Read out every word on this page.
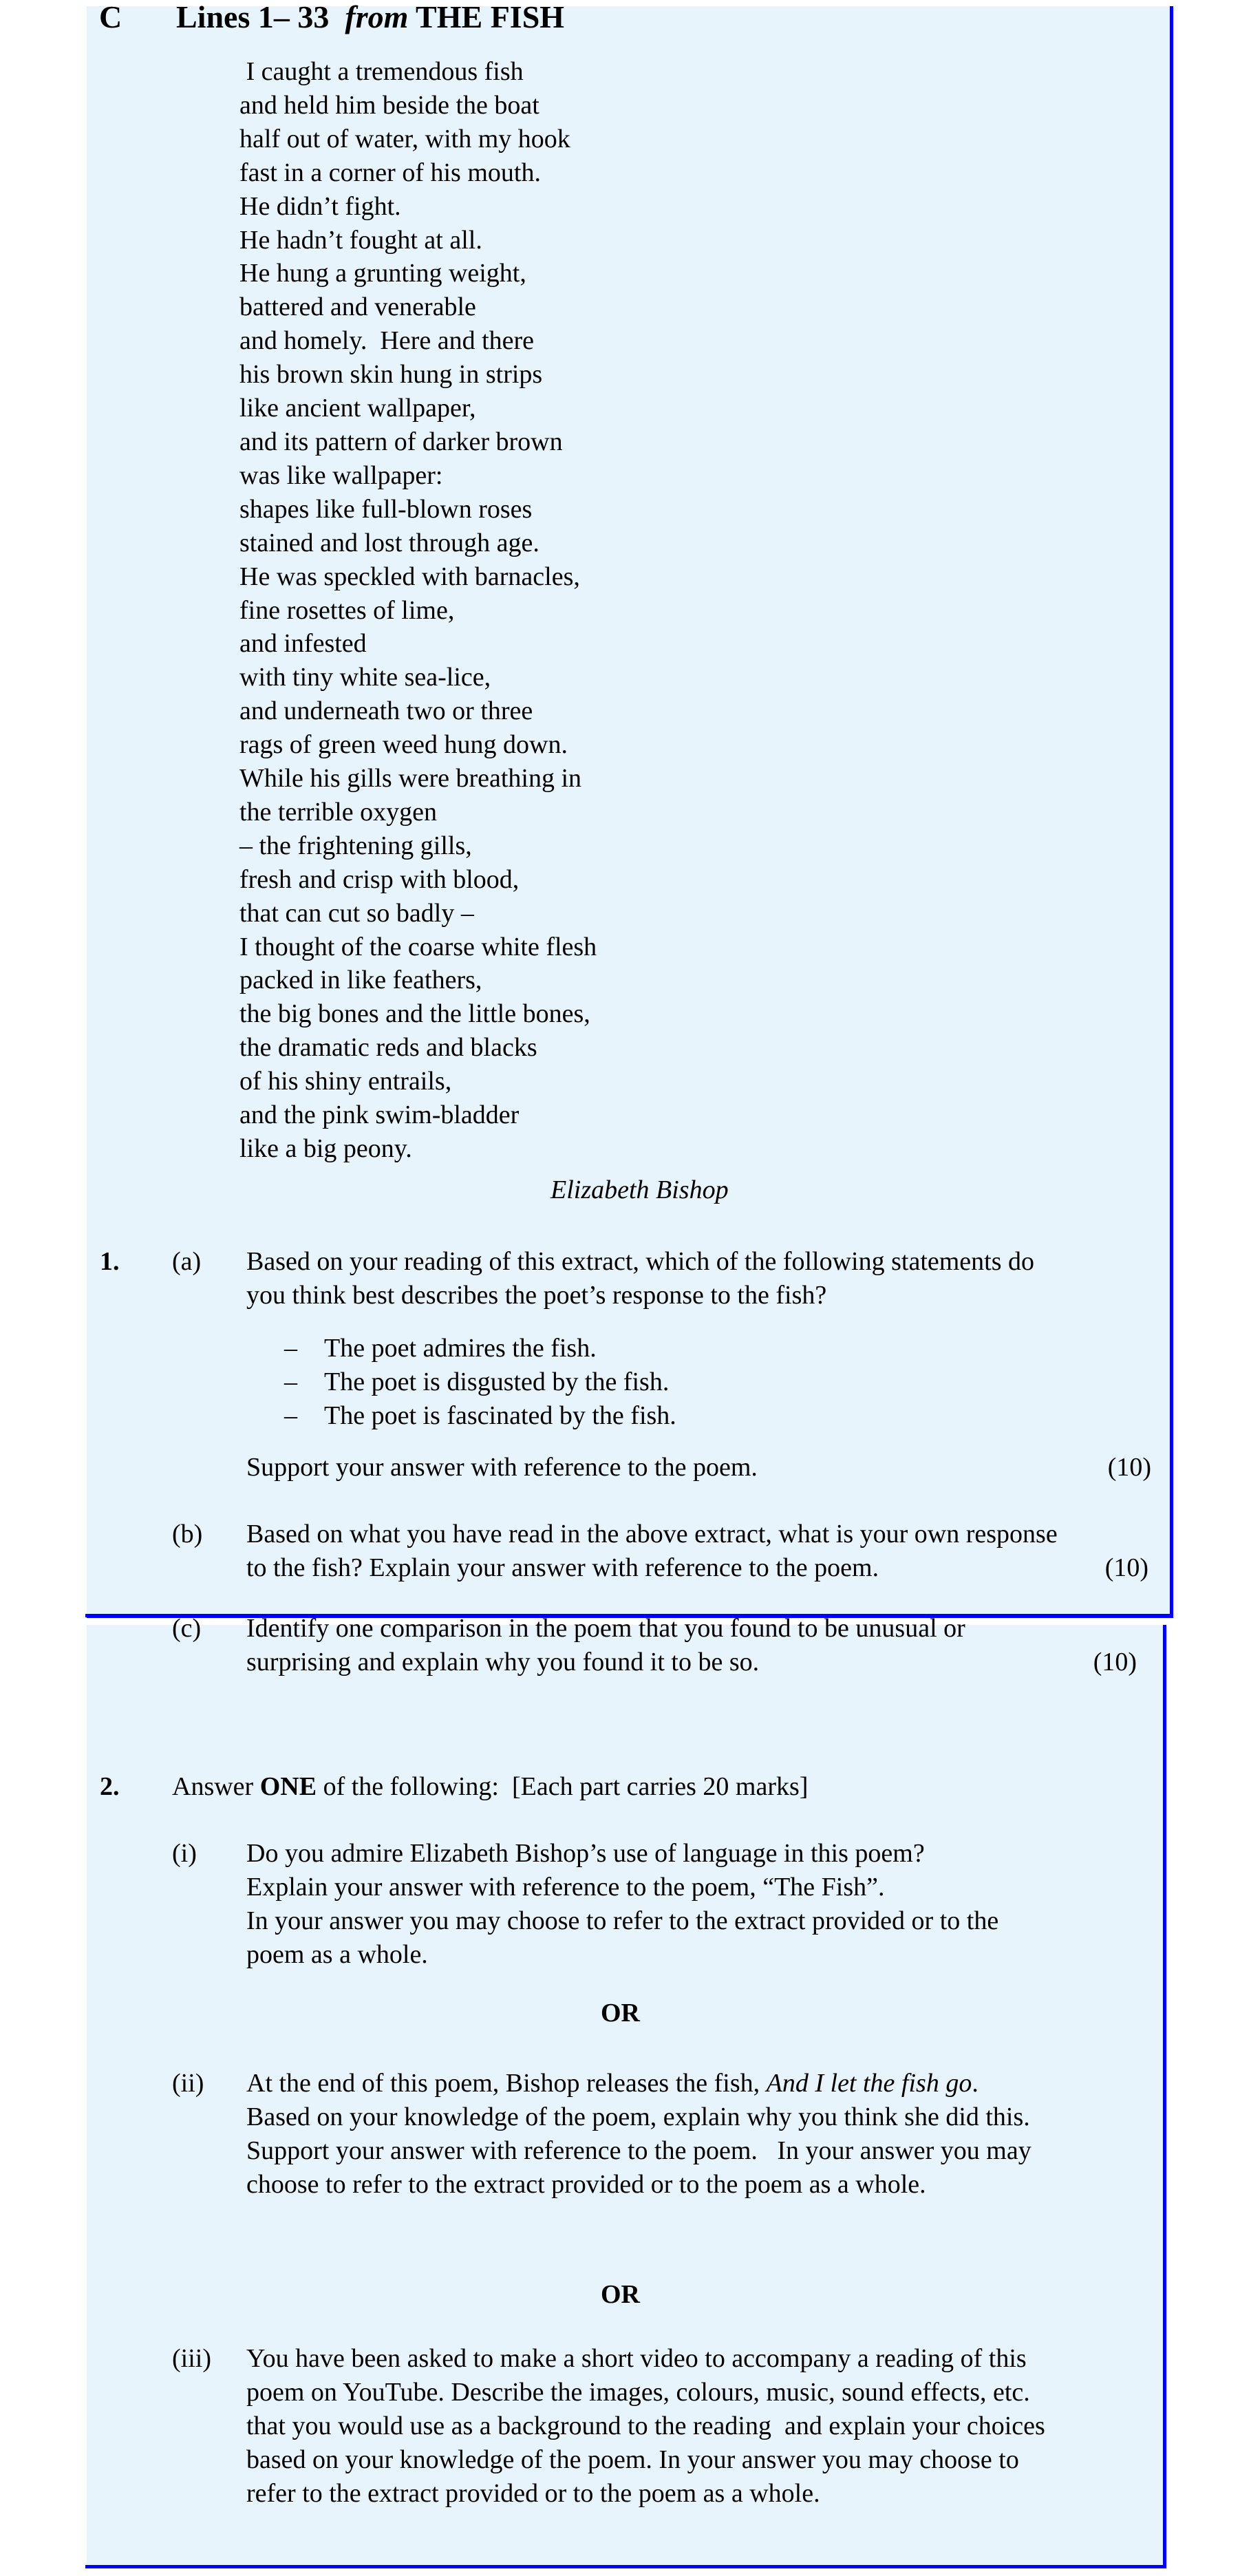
C Lines 1– 33 from THE FISH
I caught a tremendous fish
and held him beside the boat
half out of water, with my hook
fast in a corner of his mouth.
He didn’t fight.
He hadn’t fought at all.
He hung a grunting weight,
battered and venerable
and homely.  Here and there
his brown skin hung in strips
like ancient wallpaper,
and its pattern of darker brown
was like wallpaper:
shapes like full-blown roses
stained and lost through age.
He was speckled with barnacles,
fine rosettes of lime,
and infested
with tiny white sea-lice,
and underneath two or three
rags of green weed hung down.
While his gills were breathing in
the terrible oxygen
– the frightening gills,
fresh and crisp with blood,
that can cut so badly –
I thought of the coarse white flesh
packed in like feathers,
the big bones and the little bones,
the dramatic reds and blacks
of his shiny entrails,
and the pink swim-bladder
like a big peony.
Elizabeth Bishop
1. (a) Based on your reading of this extract, which of the following statements do
you think best describes the poet’s response to the fish?
– The poet admires the fish.
– The poet is disgusted by the fish.
– The poet is fascinated by the fish.
Support your answer with reference to the poem.	(10)
(b) Based on what you have read in the above extract, what is your own response
to the fish? Explain your answer with reference to the poem.	(10)
(c) Identify one comparison in the poem that you found to be unusual or
surprising and explain why you found it to be so.	(10)
2. Answer ONE of the following:  [Each part carries 20 marks]
(i) Do you admire Elizabeth Bishop’s use of language in this poem?
Explain your answer with reference to the poem, “The Fish”.
In your answer you may choose to refer to the extract provided or to the
poem as a whole.
OR
(ii) At the end of this poem, Bishop releases the fish, And I let the fish go.
Based on your knowledge of the poem, explain why you think she did this.
Support your answer with reference to the poem.   In your answer you may
choose to refer to the extract provided or to the poem as a whole.
OR
(iii) You have been asked to make a short video to accompany a reading of this
poem on YouTube. Describe the images, colours, music, sound effects, etc.
that you would use as a background to the reading  and explain your choices
based on your knowledge of the poem. In your answer you may choose to
refer to the extract provided or to the poem as a whole.
